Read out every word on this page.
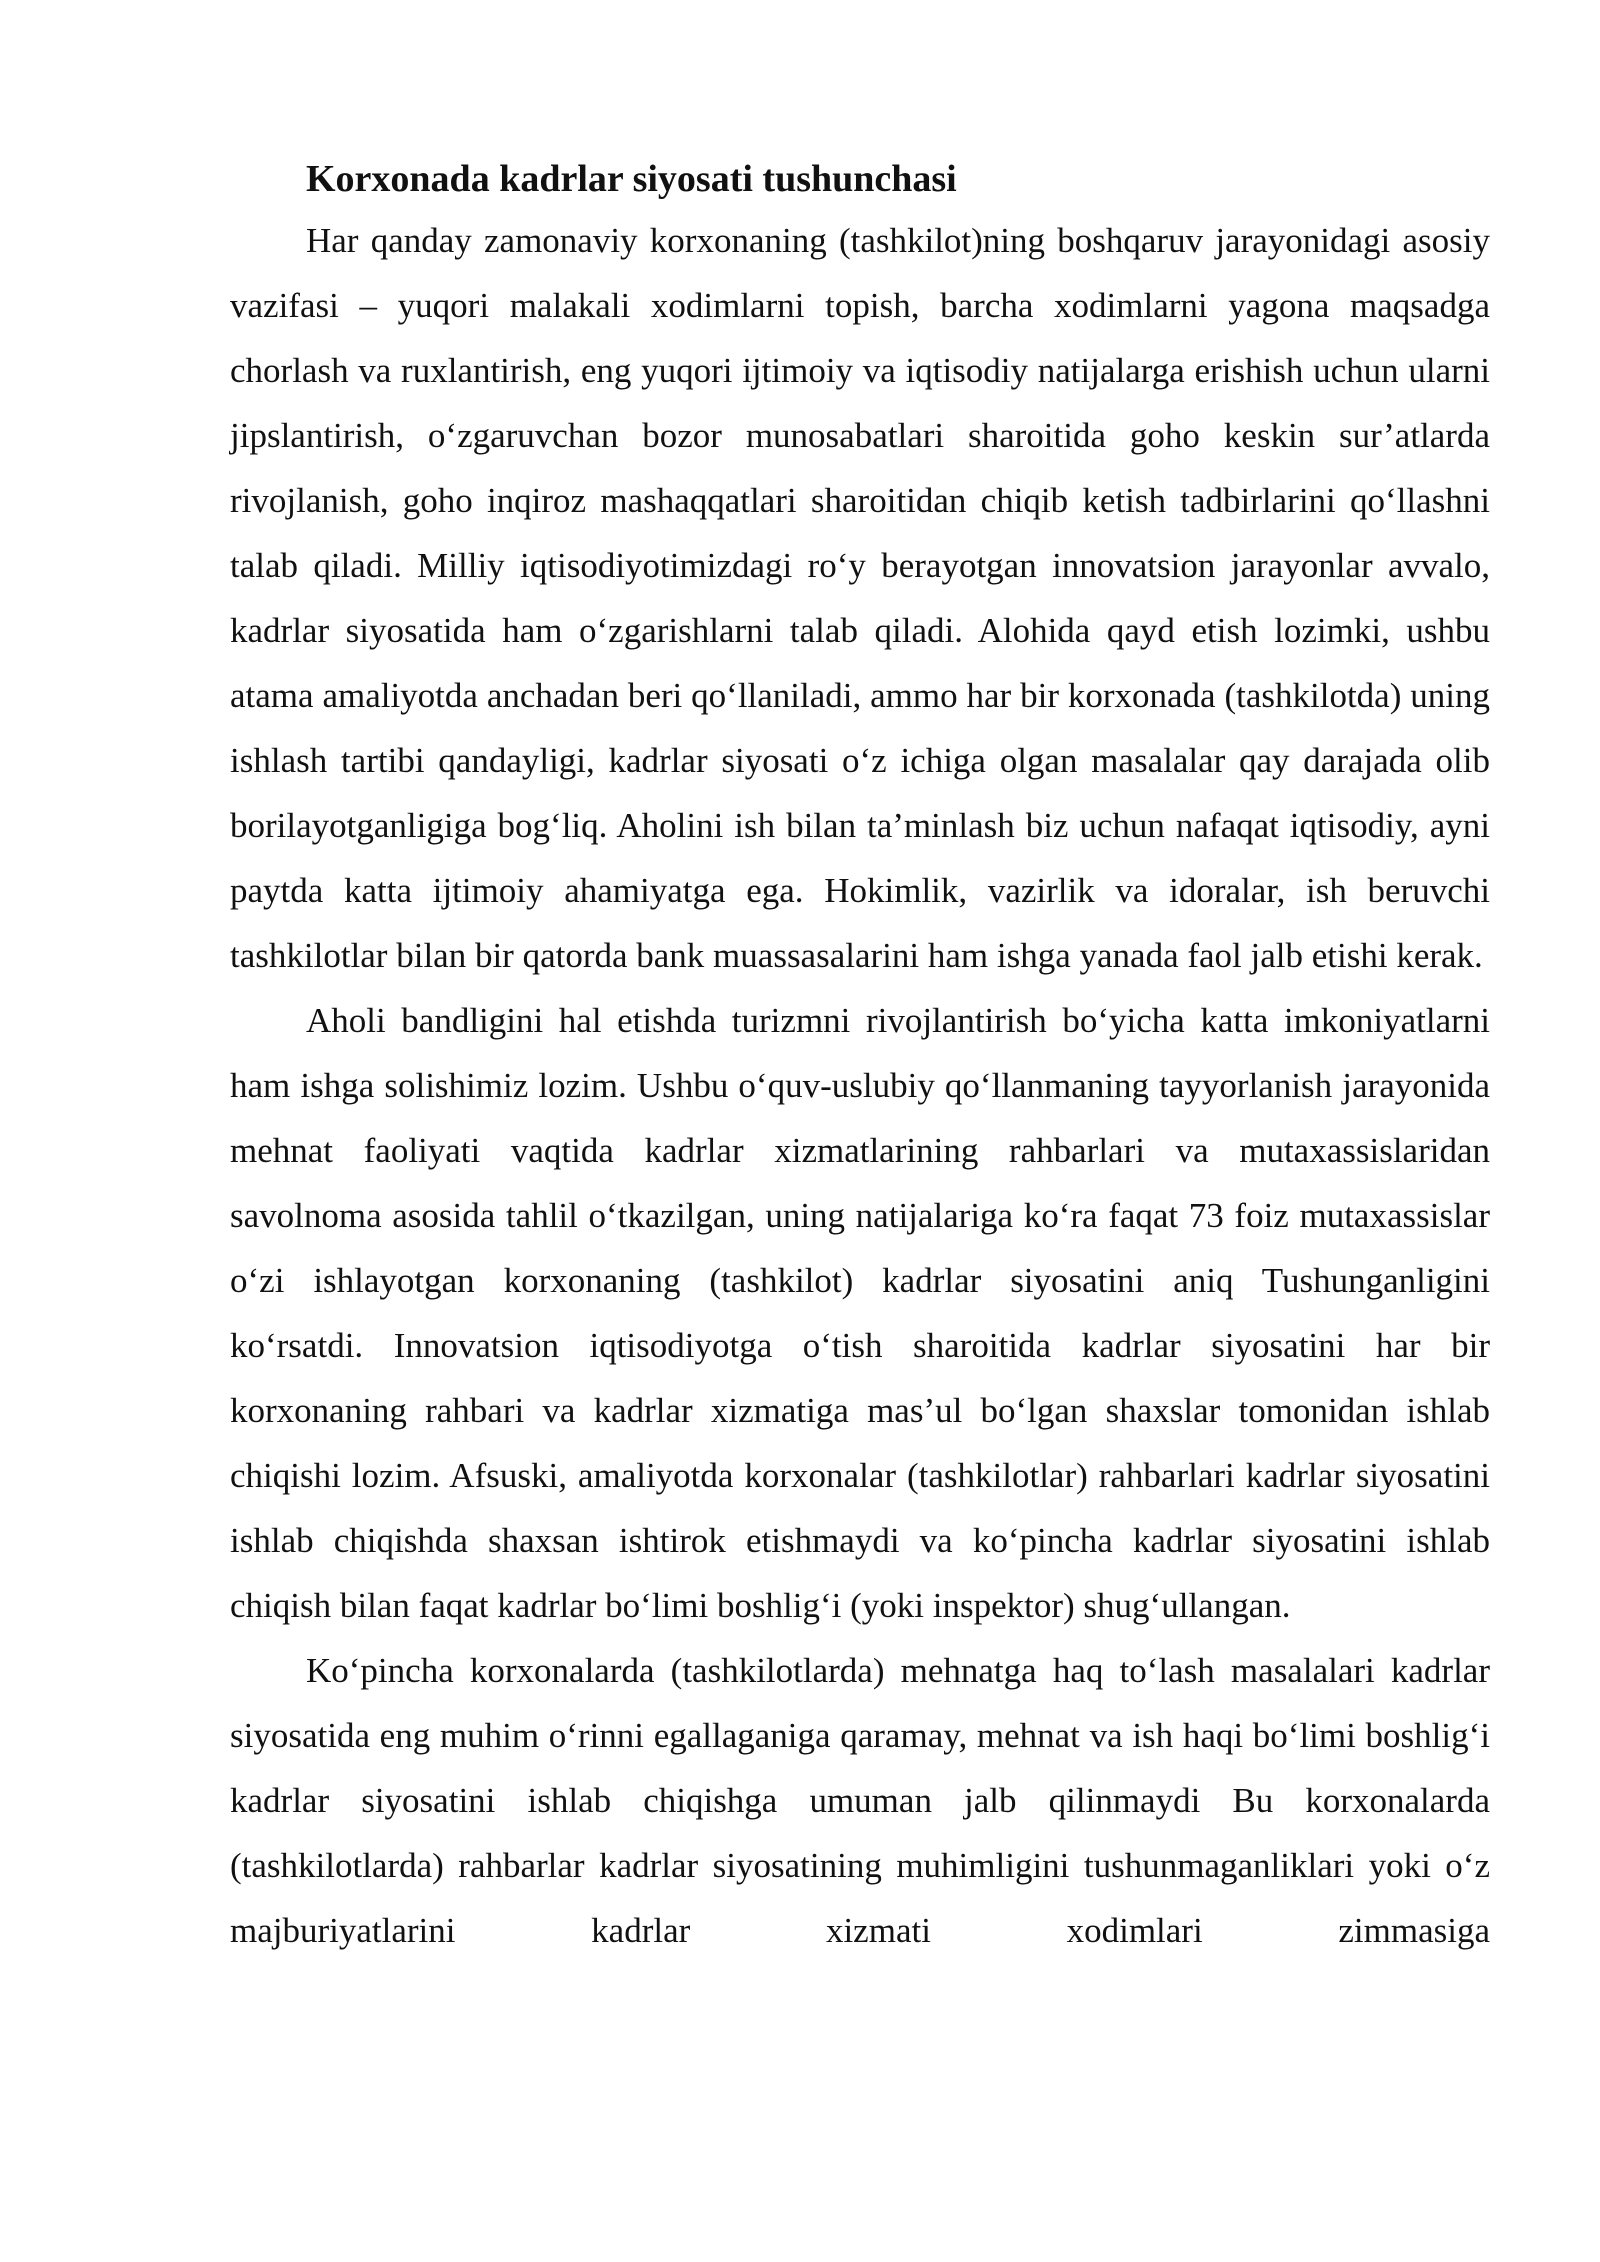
Korxonada kadrlar siyosati tushunchasi

Har qanday zamonaviy korxonaning (tashkilot)ning boshqaruv jarayonidagi asosiy vazifasi – yuqori malakali xodimlarni topish, barcha xodimlarni yagona maqsadga chorlash va ruxlantirish, eng yuqori ijtimoiy va iqtisodiy natijalarga erishish uchun ularni jipslantirish, o‘zgaruvchan bozor munosabatlari sharoitida goho keskin sur’atlarda rivojlanish, goho inqiroz mashaqqatlari sharoitidan chiqib ketish tadbirlarini qo‘llashni talab qiladi. Milliy iqtisodiyotimizdagi ro‘y berayotgan innovatsion jarayonlar avvalo, kadrlar siyosatida ham o‘zgarishlarni talab qiladi. Alohida qayd etish lozimki, ushbu atama amaliyotda anchadan beri qo‘llaniladi, ammo har bir korxonada (tashkilotda) uning ishlash tartibi qandayligi, kadrlar siyosati o‘z ichiga olgan masalalar qay darajada olib borilayotganligiga bog‘liq. Aholini ish bilan ta’minlash biz uchun nafaqat iqtisodiy, ayni paytda katta ijtimoiy ahamiyatga ega. Hokimlik, vazirlik va idoralar, ish beruvchi tashkilotlar bilan bir qatorda bank muassasalarini ham ishga yanada faol jalb etishi kerak.

Aholi bandligini hal etishda turizmni rivojlantirish bo‘yicha katta imkoniyatlarni ham ishga solishimiz lozim. Ushbu o‘quv-uslubiy qo‘llanmaning tayyorlanish jarayonida mehnat faoliyati vaqtida kadrlar xizmatlarining rahbarlari va mutaxassislaridan savolnoma asosida tahlil o‘tkazilgan, uning natijalariga ko‘ra faqat 73 foiz mutaxassislar o‘zi ishlayotgan korxonaning (tashkilot) kadrlar siyosatini aniq Tushunganligini ko‘rsatdi. Innovatsion iqtisodiyotga o‘tish sharoitida kadrlar siyosatini har bir korxonaning rahbari va kadrlar xizmatiga mas’ul bo‘lgan shaxslar tomonidan ishlab chiqishi lozim. Afsuski, amaliyotda korxonalar (tashkilotlar) rahbarlari kadrlar siyosatini ishlab chiqishda shaxsan ishtirok etishmaydi va ko‘pincha kadrlar siyosatini ishlab chiqish bilan faqat kadrlar bo‘limi boshlig‘i (yoki inspektor) shug‘ullangan.

Ko‘pincha korxonalarda (tashkilotlarda) mehnatga haq to‘lash masalalari kadrlar siyosatida eng muhim o‘rinni egallaganiga qaramay, mehnat va ish haqi bo‘limi boshlig‘i kadrlar siyosatini ishlab chiqishga umuman jalb qilinmaydi Bu korxonalarda (tashkilotlarda) rahbarlar kadrlar siyosatining muhimligini tushunmaganliklari yoki o‘z majburiyatlarini kadrlar xizmati xodimlari zimmasiga
